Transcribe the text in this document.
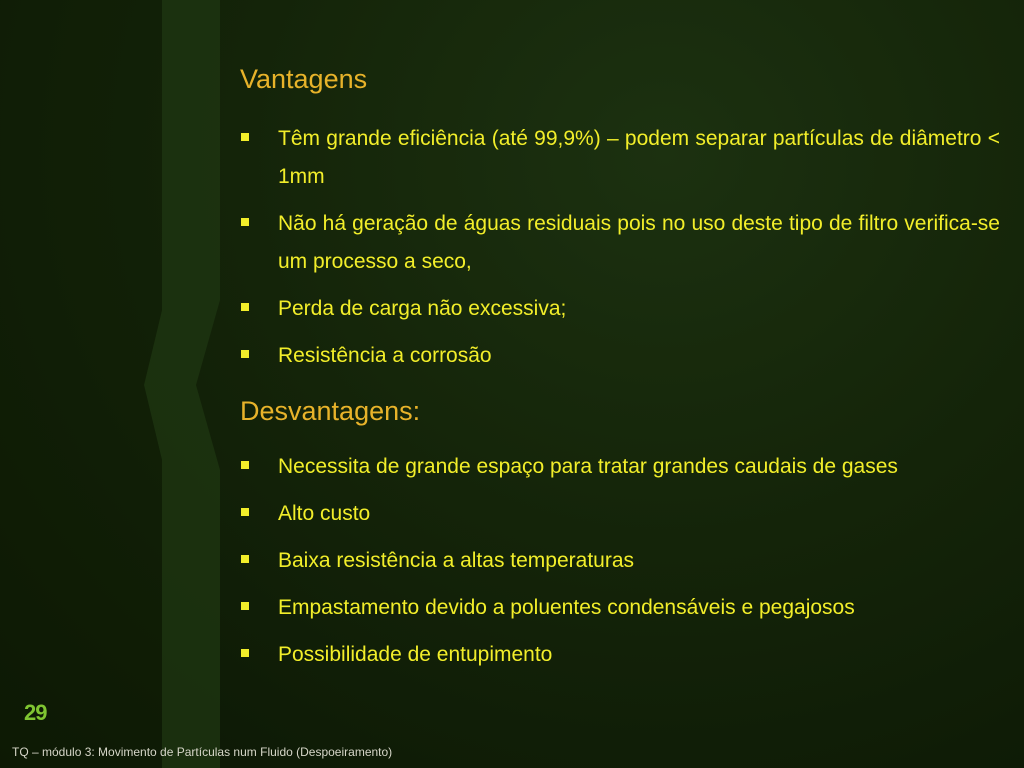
Vantagens
Têm grande eficiência (até 99,9%) – podem separar partículas de diâmetro < 1mm
Não há geração de águas residuais pois no uso deste tipo de filtro verifica-se um processo a seco,
Perda de carga não excessiva;
Resistência a corrosão
Desvantagens:
Necessita de grande espaço para tratar grandes caudais de gases
Alto custo
Baixa resistência a altas temperaturas
Empastamento devido a poluentes condensáveis e pegajosos
Possibilidade de entupimento
29
TQ – módulo 3: Movimento de Partículas num Fluido (Despoeiramento)
